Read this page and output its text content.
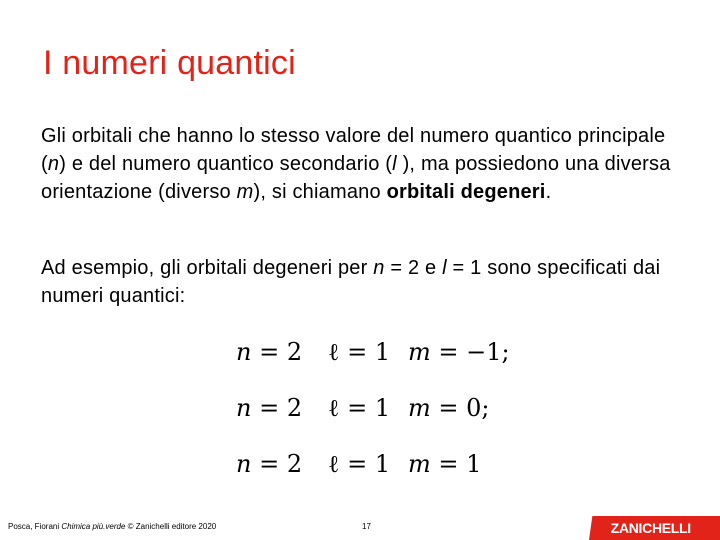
I numeri quantici

Gli orbitali che hanno lo stesso valore del numero quantico principale (n) e del numero quantico secondario (l ), ma possiedono una diversa orientazione (diverso m), si chiamano orbitali degeneri.

Ad esempio, gli orbitali degeneri per n = 2 e l = 1 sono specificati dai numeri quantici:

n = 2 ℓ = 1 m = −1;
n = 2 ℓ = 1 m = 0;
n = 2 ℓ = 1 m = 1
Posca, Fiorani Chimica più.verde © Zanichelli editore 2020	17	ZANICHELLI
